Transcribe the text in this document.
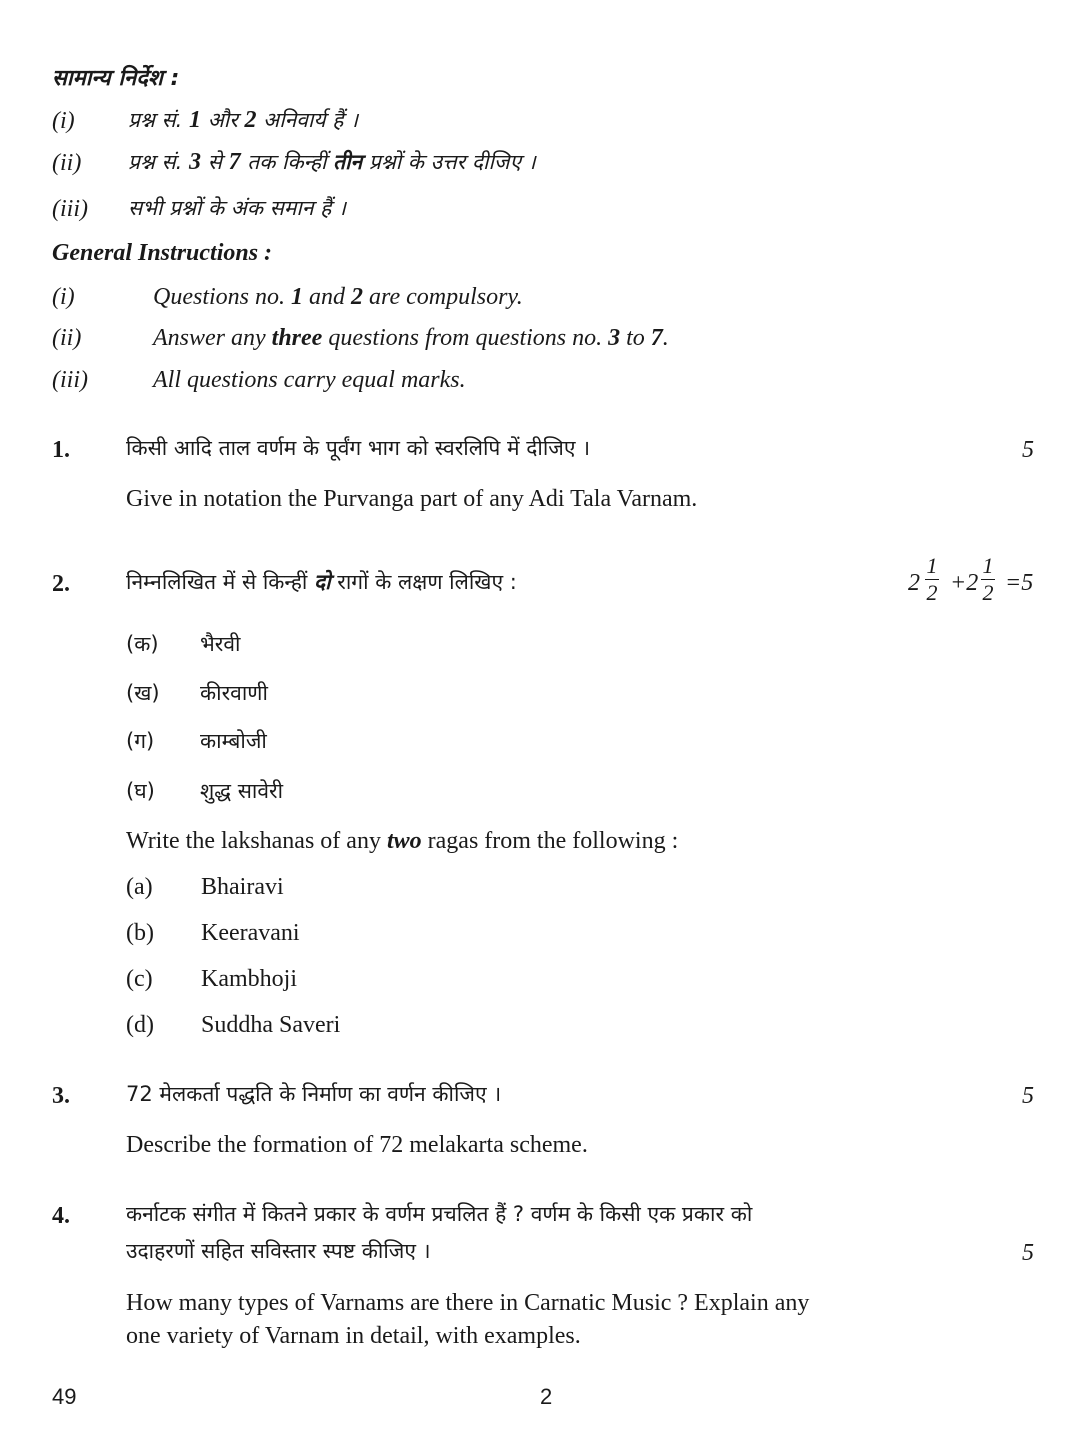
सामान्य निर्देश :
(i)	प्रश्न सं. 1 और 2 अनिवार्य हैं ।
(ii) प्रश्न सं. 3 से 7 तक किन्हीं तीन प्रश्नों के उत्तर दीजिए ।
(iii) सभी प्रश्नों के अंक समान हैं ।
General Instructions :
(i)	Questions no. 1 and 2 are compulsory.
(ii)	Answer any three questions from questions no. 3 to 7.
(iii)	All questions carry equal marks.
1.	किसी आदि ताल वर्णम के पूर्वंग भाग को स्वरलिपि में दीजिए ।	5
Give in notation the Purvanga part of any Adi Tala Varnam.
2.	निम्नलिखित में से किन्हीं दो रागों के लक्षण लिखिए :	2
1
2 +2
1
2 =5
(क) भैरवी
(ख) कीरवाणी
(ग) काम्बोजी
(घ) शुद्ध सावेरी
Write the lakshanas of any two ragas from the following :
(a) Bhairavi
(b) Keeravani
(c) Kambhoji
(d) Suddha Saveri
3.	72 मेलकर्ता पद्धति के निर्माण का वर्णन कीजिए ।	5
Describe the formation of 72 melakarta scheme.
4.	कर्नाटक संगीत में कितने प्रकार के वर्णम प्रचलित हैं ? वर्णम के किसी एक प्रकार को
उदाहरणों सहित सविस्तार स्पष्ट कीजिए ।	5
How many types of Varnams are there in Carnatic Music ? Explain any
one variety of Varnam in detail, with examples.
49	2
